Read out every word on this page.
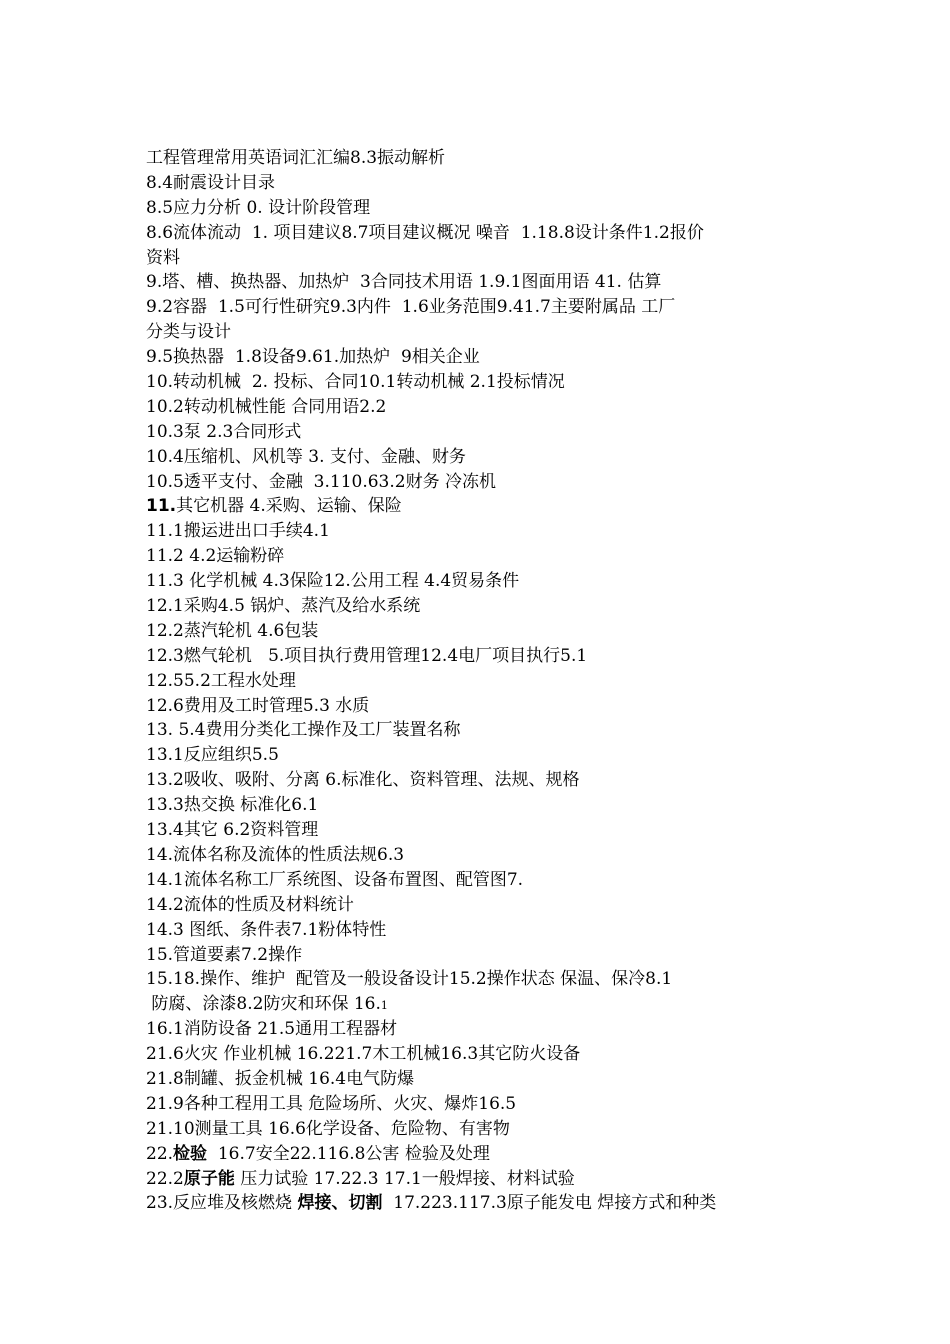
工程管理常用英语词汇汇编8.3振动解析

8.4耐震设计目录

8.5应力分析 0. 设计阶段管理

8.6流体流动  1. 项目建议8.7项目建议概况 噪音  1.18.8设计条件1.2报价

资料

9.塔、槽、换热器、加热炉  3合同技术用语 1.9.1图面用语 41. 估算

9.2容器  1.5可行性研究9.3内件  1.6业务范围9.41.7主要附属品 工厂

分类与设计

9.5换热器  1.8设备9.61.加热炉  9相关企业

10.转动机械  2. 投标、合同10.1转动机械 2.1投标情况

10.2转动机械性能 合同用语2.2

10.3泵 2.3合同形式

10.4压缩机、风机等 3. 支付、金融、财务

10.5透平支付、金融  3.110.63.2财务 冷冻机

11.其它机器 4.采购、运输、保险

11.1搬运进出口手续4.1

11.2 4.2运输粉碎

11.3 化学机械 4.3保险12.公用工程 4.4贸易条件

12.1采购4.5 锅炉、蒸汽及给水系统

12.2蒸汽轮机 4.6包装

12.3燃气轮机   5.项目执行费用管理12.4电厂项目执行5.1

12.55.2工程水处理

12.6费用及工时管理5.3 水质

13. 5.4费用分类化工操作及工厂装置名称

13.1反应组织5.5

13.2吸收、吸附、分离 6.标准化、资料管理、法规、规格

13.3热交换 标准化6.1

13.4其它 6.2资料管理

14.流体名称及流体的性质法规6.3

14.1流体名称工厂系统图、设备布置图、配管图7.

14.2流体的性质及材料统计

14.3 图纸、条件表7.1粉体特性

15.管道要素7.2操作

15.18.操作、维护  配管及一般设备设计15.2操作状态 保温、保冷8.1

防腐、涂漆8.2防灾和环保 16.1

16.1消防设备 21.5通用工程器材

21.6火灾 作业机械 16.221.7木工机械16.3其它防火设备

21.8制罐、扳金机械 16.4电气防爆

21.9各种工程用工具 危险场所、火灾、爆炸16.5

21.10测量工具 16.6化学设备、危险物、有害物

22.检验  16.7安全22.116.8公害 检验及处理

22.2原子能 压力试验 17.22.3 17.1一般焊接、材料试验

23.反应堆及核燃烧 焊接、切割  17.223.117.3原子能发电 焊接方式和种类
